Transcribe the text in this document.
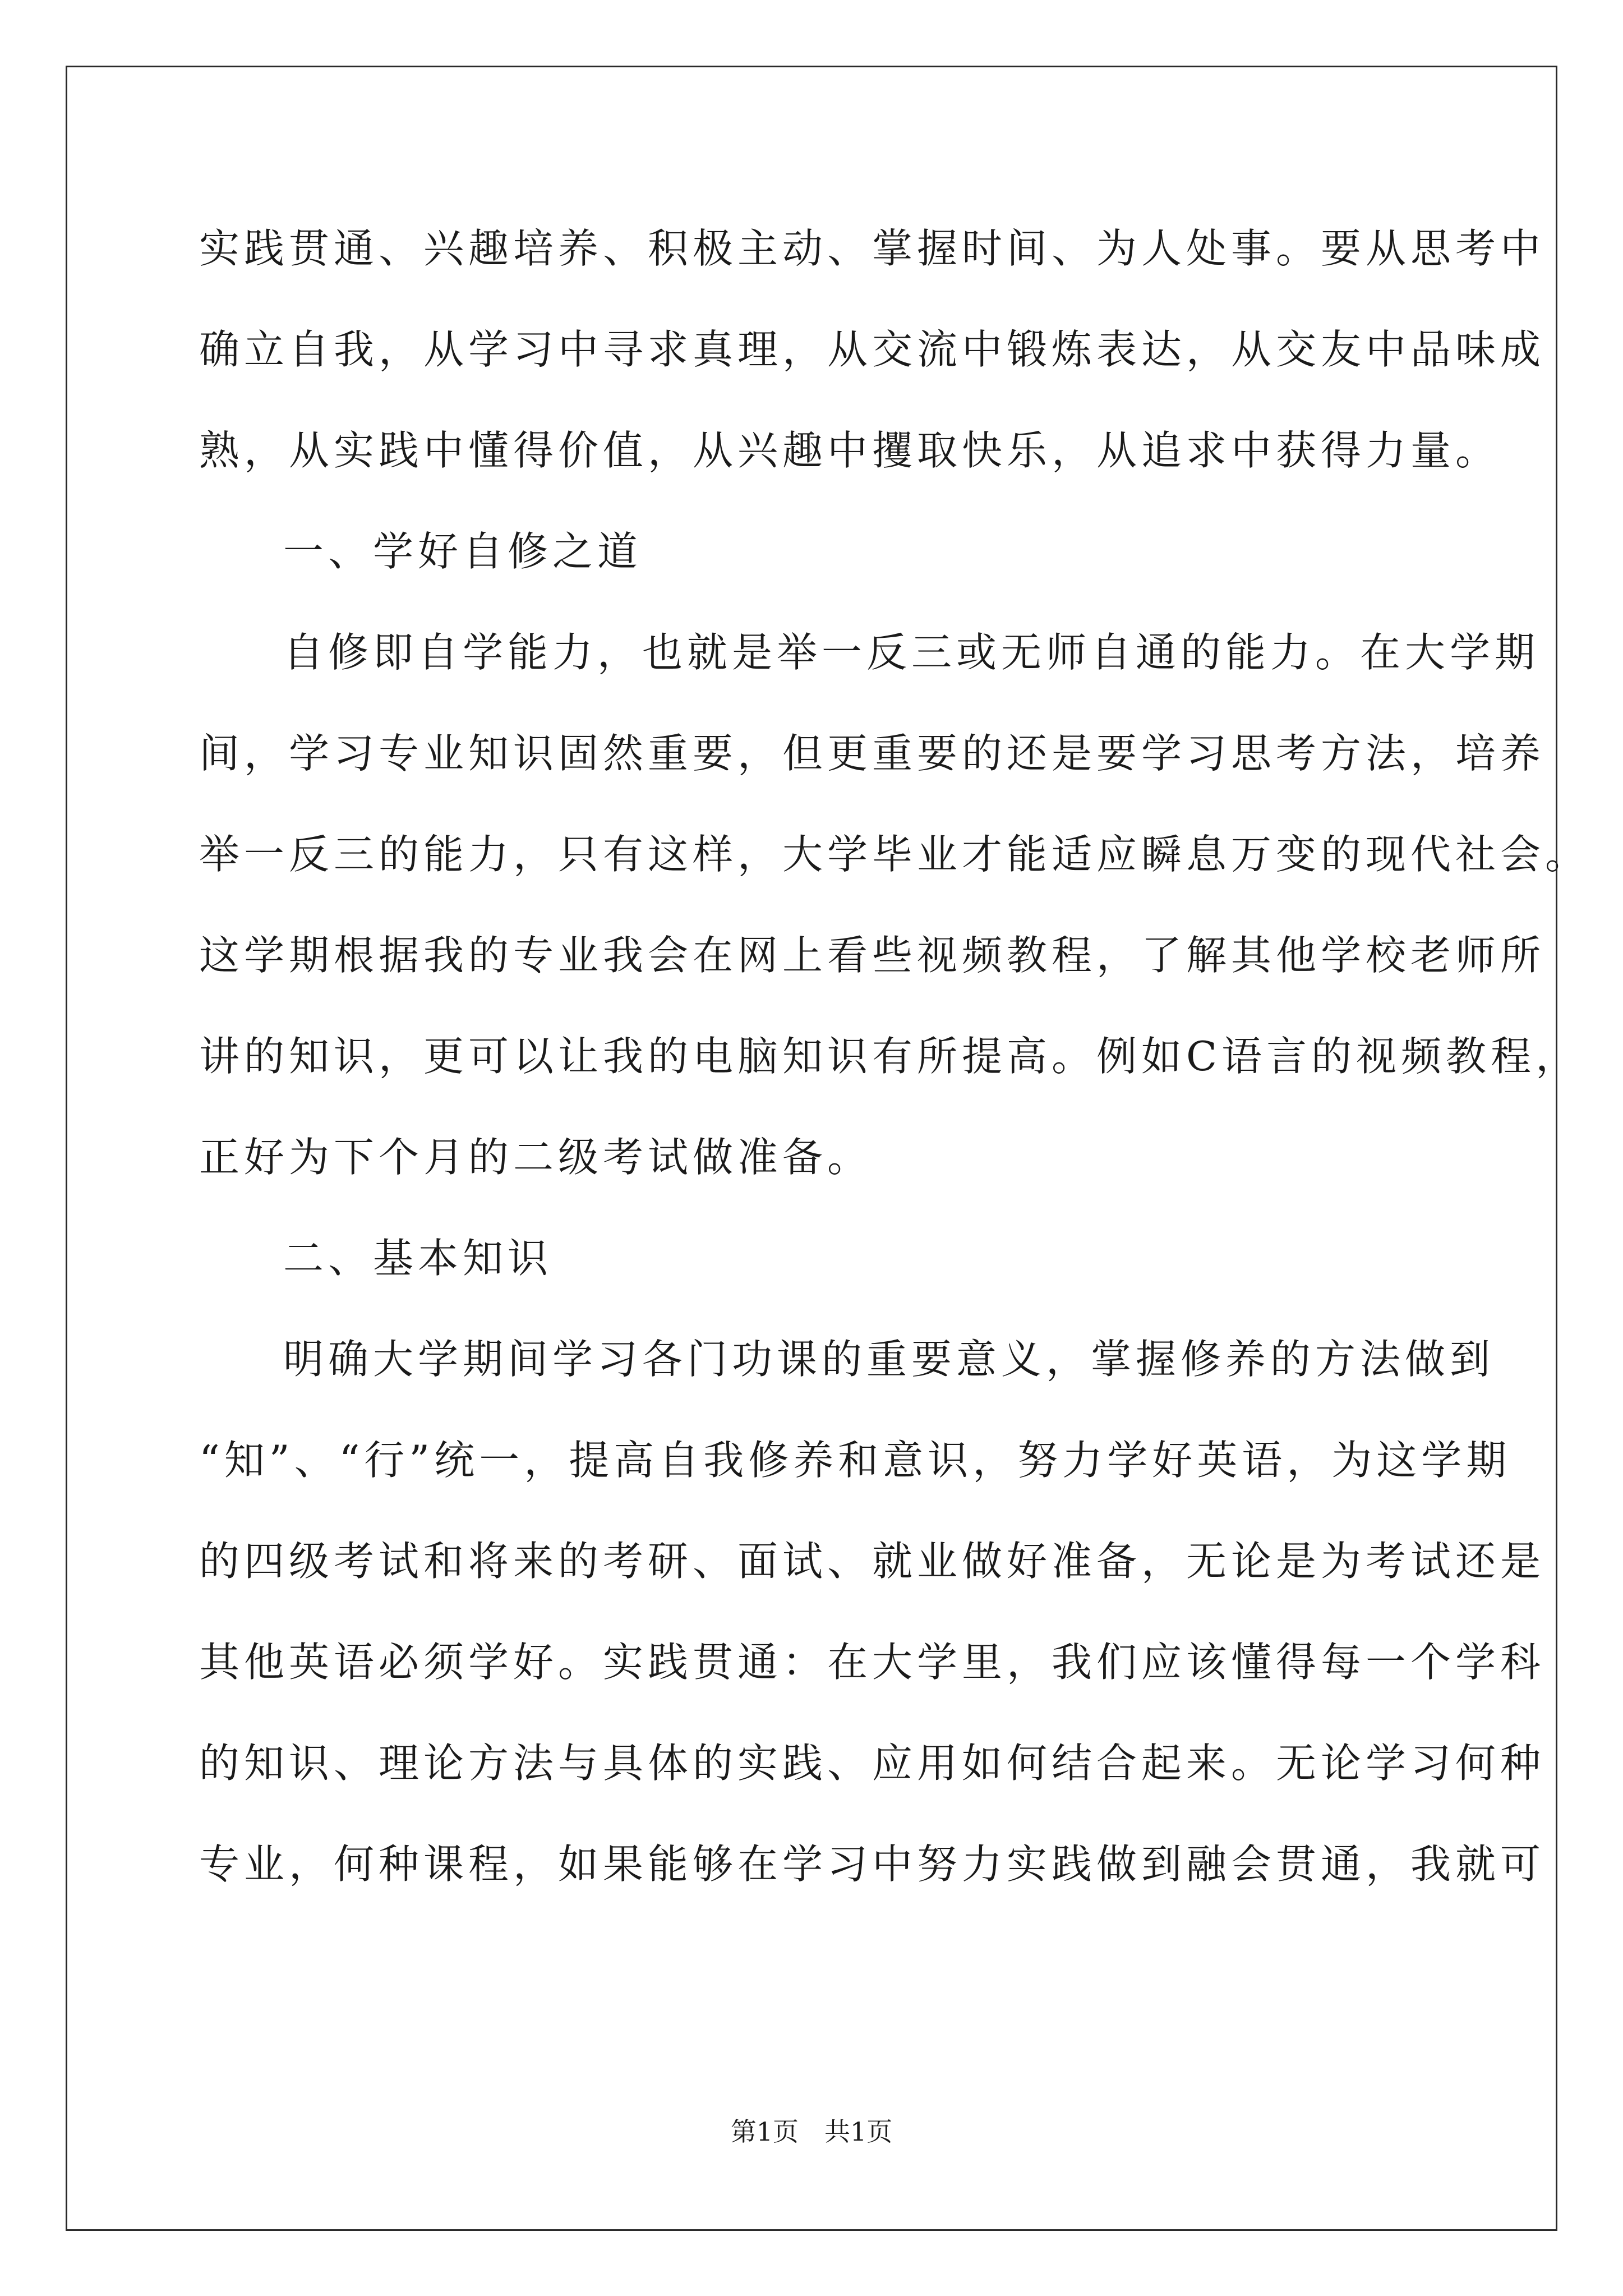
实践贯通、兴趣培养、积极主动、掌握时间、为人处事。要从思考中
确立自我，从学习中寻求真理，从交流中锻炼表达，从交友中品味成
熟，从实践中懂得价值，从兴趣中攫取快乐，从追求中获得力量。
一、学好自修之道
自修即自学能力，也就是举一反三或无师自通的能力。在大学期
间，学习专业知识固然重要，但更重要的还是要学习思考方法，培养
举一反三的能力，只有这样，大学毕业才能适应瞬息万变的现代社会。
这学期根据我的专业我会在网上看些视频教程，了解其他学校老师所
讲的知识，更可以让我的电脑知识有所提高。例如C语言的视频教程，
正好为下个月的二级考试做准备。
二、基本知识
明确大学期间学习各门功课的重要意义，掌握修养的方法做到
“知”、“行”统一，提高自我修养和意识，努力学好英语，为这学期
的四级考试和将来的考研、面试、就业做好准备，无论是为考试还是
其他英语必须学好。实践贯通：在大学里，我们应该懂得每一个学科
的知识、理论方法与具体的实践、应用如何结合起来。无论学习何种
专业，何种课程，如果能够在学习中努力实践做到融会贯通，我就可
第1页　共1页
